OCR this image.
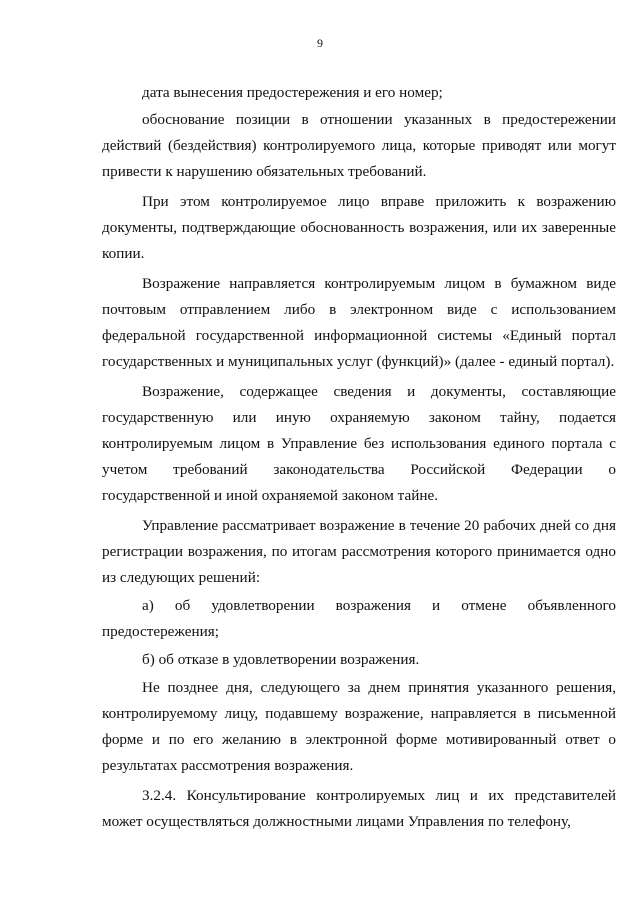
9

дата вынесения предостережения и его номер;

обоснование позиции в отношении указанных в предостережении действий (бездействия) контролируемого лица, которые приводят или могут привести к нарушению обязательных требований.

При этом контролируемое лицо вправе приложить к возражению документы, подтверждающие обоснованность возражения, или их заверенные копии.

Возражение направляется контролируемым лицом в бумажном виде почтовым отправлением либо в электронном виде с использованием федеральной государственной информационной системы «Единый портал государственных и муниципальных услуг (функций)» (далее - единый портал).

Возражение, содержащее сведения и документы, составляющие государственную или иную охраняемую законом тайну, подается контролируемым лицом в Управление без использования единого портала с учетом требований законодательства Российской Федерации о государственной и иной охраняемой законом тайне.

Управление рассматривает возражение в течение 20 рабочих дней со дня регистрации возражения, по итогам рассмотрения которого принимается одно из следующих решений:

а) об удовлетворении возражения и отмене объявленного предостережения;

б) об отказе в удовлетворении возражения.

Не позднее дня, следующего за днем принятия указанного решения, контролируемому лицу, подавшему возражение, направляется в письменной форме и по его желанию в электронной форме мотивированный ответ о результатах рассмотрения возражения.

3.2.4. Консультирование контролируемых лиц и их представителей может осуществляться должностными лицами Управления по телефону,
